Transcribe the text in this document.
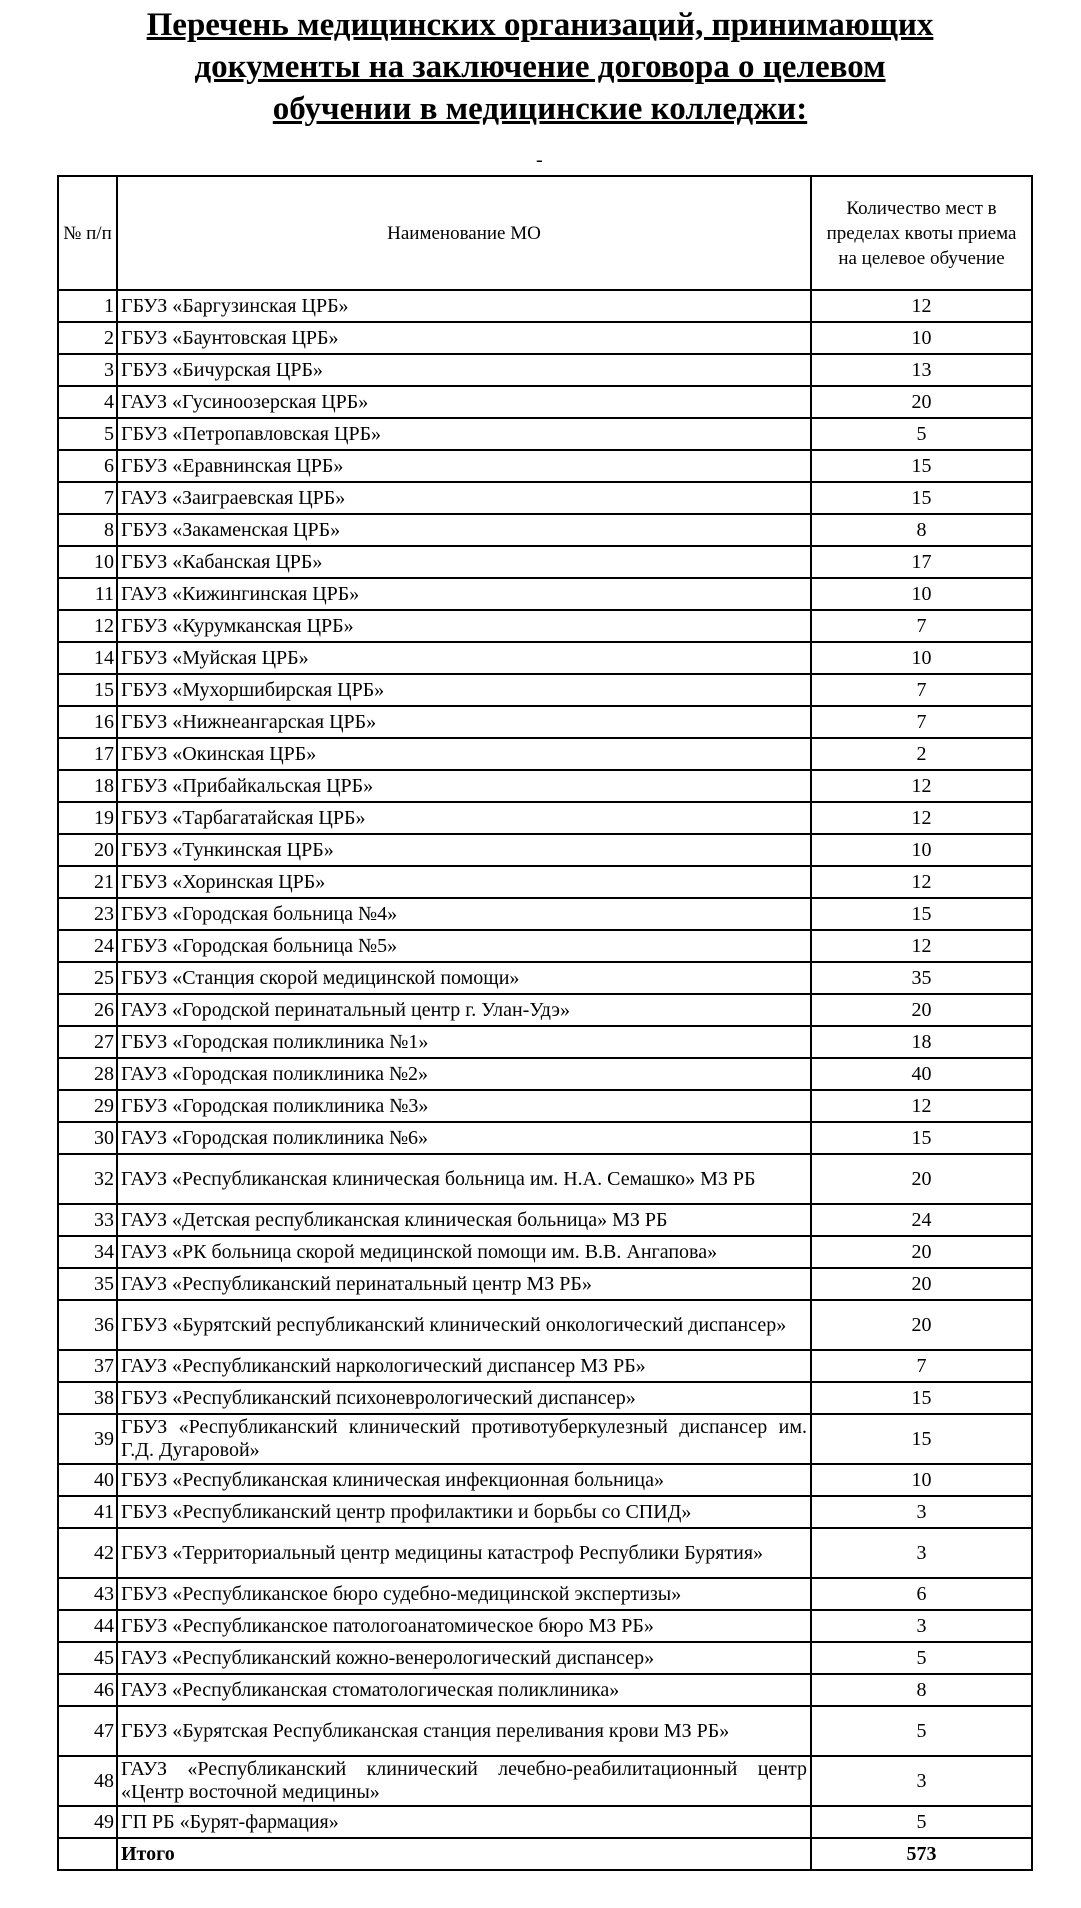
Перечень медицинских организаций, принимающих
документы на заключение договора о целевом
обучении в медицинские колледжи:
-
№ п/п	Наименование МО	Количество мест в пределах квоты приема на целевое обучение
1	ГБУЗ «Баргузинская ЦРБ»	12
2	ГБУЗ «Баунтовская ЦРБ»	10
3	ГБУЗ «Бичурская ЦРБ»	13
4	ГАУЗ «Гусиноозерская ЦРБ»	20
5	ГБУЗ «Петропавловская ЦРБ»	5
6	ГБУЗ «Еравнинская ЦРБ»	15
7	ГАУЗ «Заиграевская ЦРБ»	15
8	ГБУЗ «Закаменская ЦРБ»	8
10	ГБУЗ «Кабанская ЦРБ»	17
11	ГАУЗ «Кижингинская ЦРБ»	10
12	ГБУЗ «Курумканская ЦРБ»	7
14	ГБУЗ «Муйская ЦРБ»	10
15	ГБУЗ «Мухоршибирская ЦРБ»	7
16	ГБУЗ «Нижнеангарская ЦРБ»	7
17	ГБУЗ «Окинская ЦРБ»	2
18	ГБУЗ «Прибайкальская ЦРБ»	12
19	ГБУЗ «Тарбагатайская ЦРБ»	12
20	ГБУЗ «Тункинская ЦРБ»	10
21	ГБУЗ «Хоринская ЦРБ»	12
23	ГБУЗ «Городская больница №4»	15
24	ГБУЗ «Городская больница №5»	12
25	ГБУЗ «Станция скорой медицинской помощи»	35
26	ГАУЗ «Городской перинатальный центр г. Улан-Удэ»	20
27	ГБУЗ «Городская поликлиника №1»	18
28	ГАУЗ «Городская поликлиника №2»	40
29	ГБУЗ «Городская поликлиника №3»	12
30	ГАУЗ «Городская поликлиника №6»	15
32	ГАУЗ «Республиканская клиническая больница им. Н.А. Семашко» МЗ РБ	20
33	ГАУЗ «Детская республиканская клиническая больница» МЗ РБ	24
34	ГАУЗ «РК больница скорой медицинской помощи им. В.В. Ангапова»	20
35	ГАУЗ «Республиканский перинатальный центр МЗ РБ»	20
36	ГБУЗ «Бурятский республиканский клинический онкологический диспансер»	20
37	ГАУЗ «Республиканский наркологический диспансер МЗ РБ»	7
38	ГБУЗ «Республиканский психоневрологический диспансер»	15
39	ГБУЗ «Республиканский клинический противотуберкулезный диспансер им. Г.Д. Дугаровой»	15
40	ГБУЗ «Республиканская клиническая инфекционная больница»	10
41	ГБУЗ «Республиканский центр профилактики и борьбы со СПИД»	3
42	ГБУЗ «Территориальный центр медицины катастроф Республики Бурятия»	3
43	ГБУЗ «Республиканское бюро судебно-медицинской экспертизы»	6
44	ГБУЗ «Республиканское патологоанатомическое бюро МЗ РБ»	3
45	ГАУЗ «Республиканский кожно-венерологический диспансер»	5
46	ГАУЗ «Республиканская стоматологическая поликлиника»	8
47	ГБУЗ «Бурятская Республиканская станция переливания крови МЗ РБ»	5
48	ГАУЗ «Республиканский клинический лечебно-реабилитационный центр «Центр восточной медицины»	3
49	ГП РБ «Бурят-фармация»	5
	Итого	573
